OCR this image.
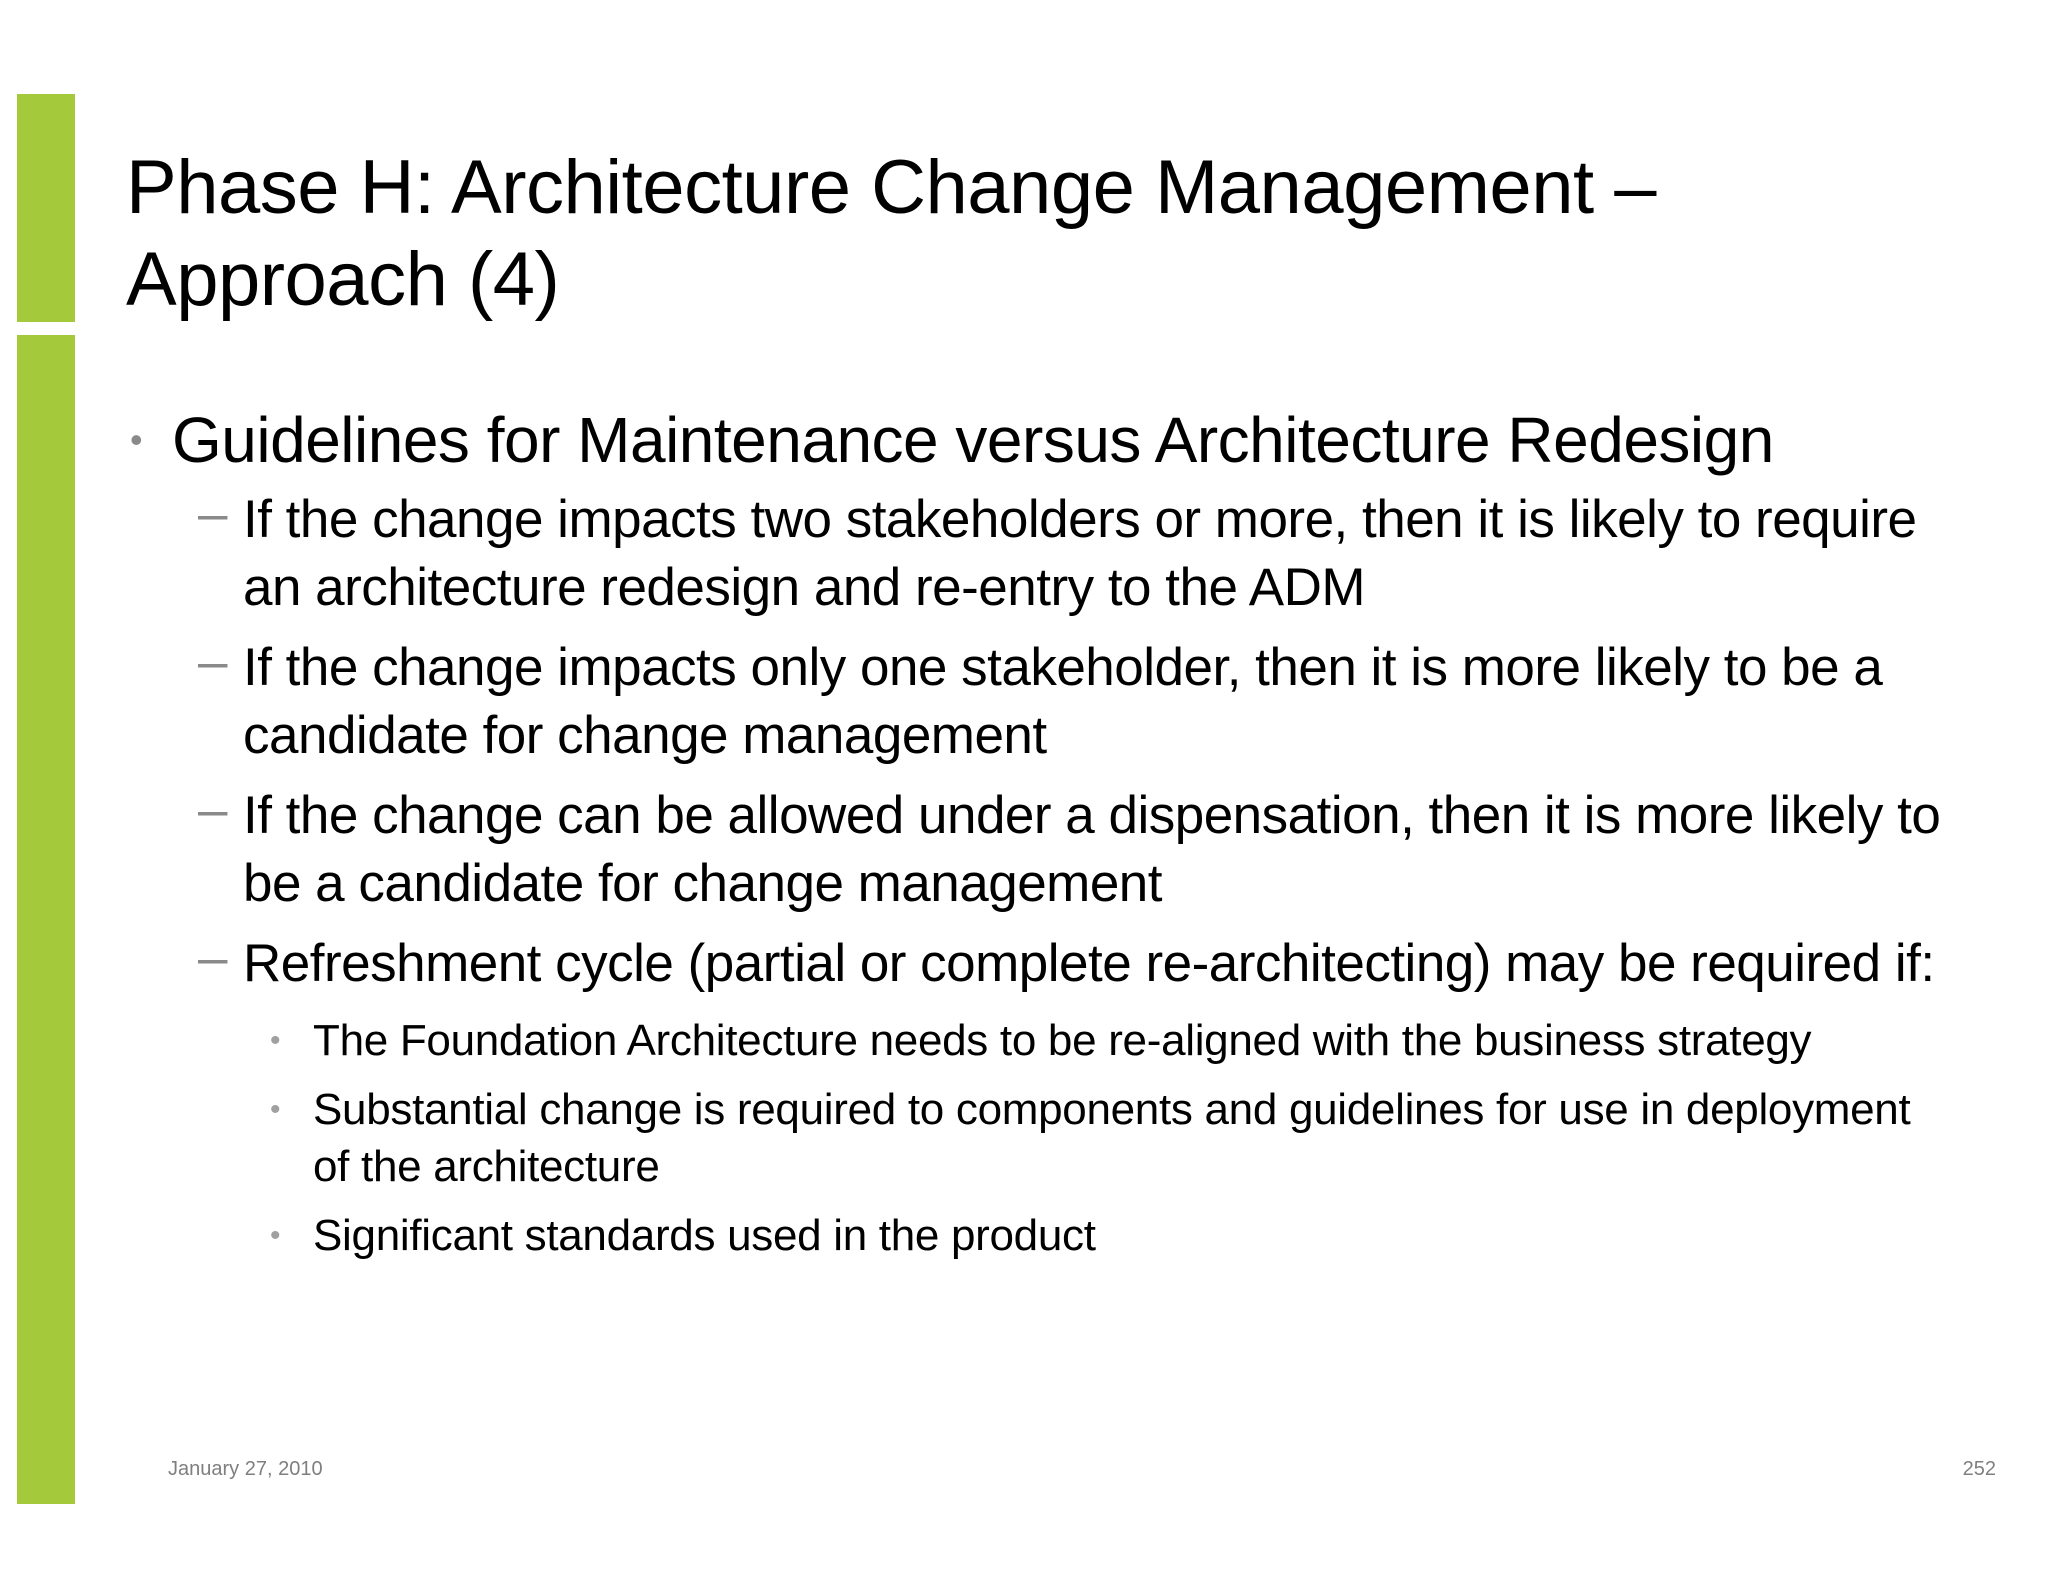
Phase H: Architecture Change Management – Approach (4)
• Guidelines for Maintenance versus Architecture Redesign
– If the change impacts two stakeholders or more, then it is likely to require an architecture redesign and re-entry to the ADM
– If the change impacts only one stakeholder, then it is more likely to be a candidate for change management
– If the change can be allowed under a dispensation, then it is more likely to be a candidate for change management
– Refreshment cycle (partial or complete re-architecting) may be required if:
• The Foundation Architecture needs to be re-aligned with the business strategy
• Substantial change is required to components and guidelines for use in deployment of the architecture
• Significant standards used in the product
January 27, 2010	252
